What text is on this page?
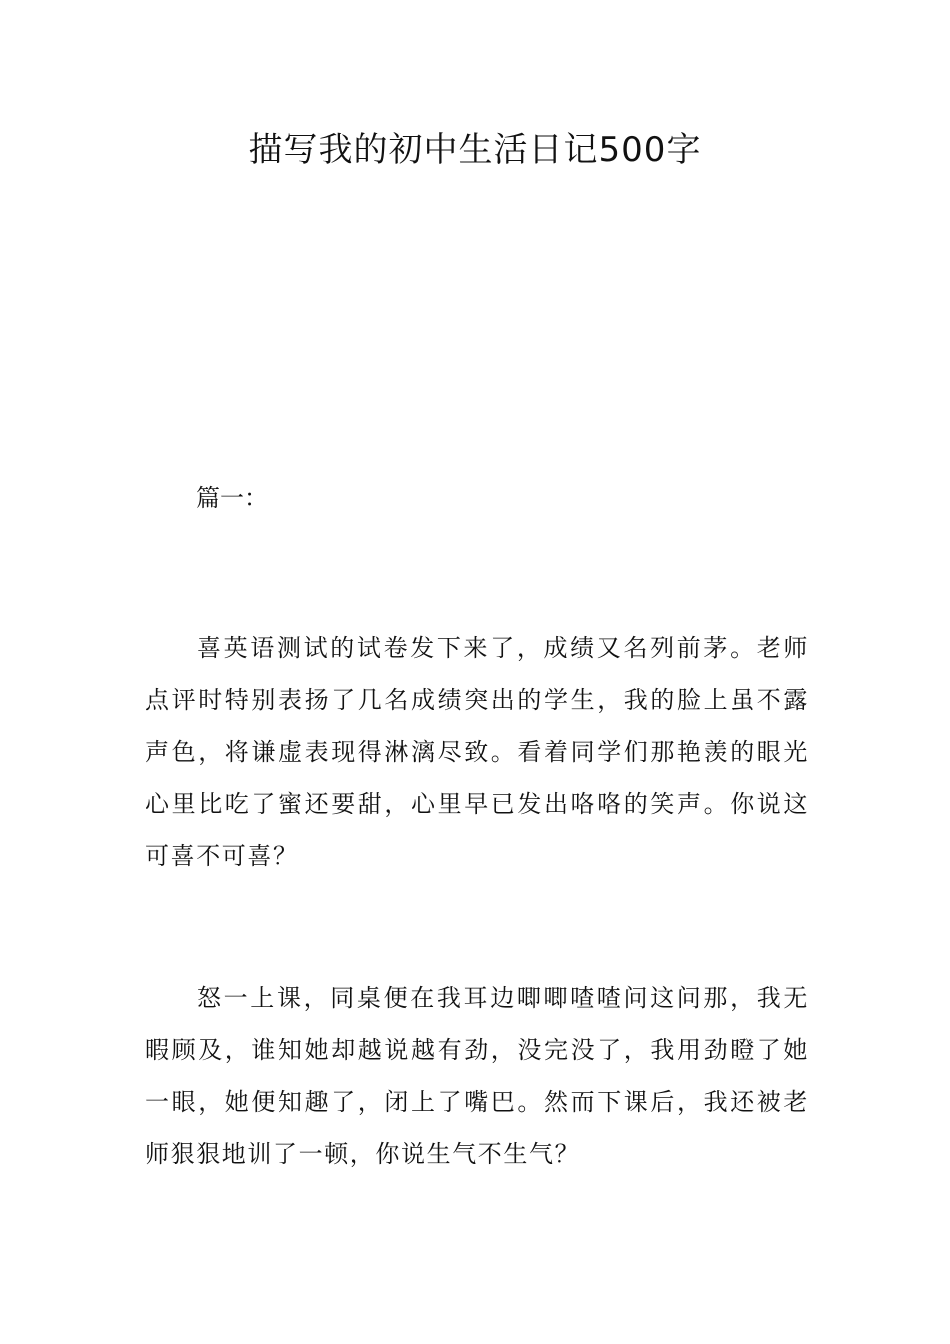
描写我的初中生活日记500字

篇一：

喜英语测试的试卷发下来了，成绩又名列前茅。老师点评时特别表扬了几名成绩突出的学生，我的脸上虽不露声色，将谦虚表现得淋漓尽致。看着同学们那艳羡的眼光心里比吃了蜜还要甜，心里早已发出咯咯的笑声。你说这可喜不可喜？

怒一上课，同桌便在我耳边唧唧喳喳问这问那，我无暇顾及，谁知她却越说越有劲，没完没了，我用劲瞪了她一眼，她便知趣了，闭上了嘴巴。然而下课后，我还被老师狠狠地训了一顿，你说生气不生气？
